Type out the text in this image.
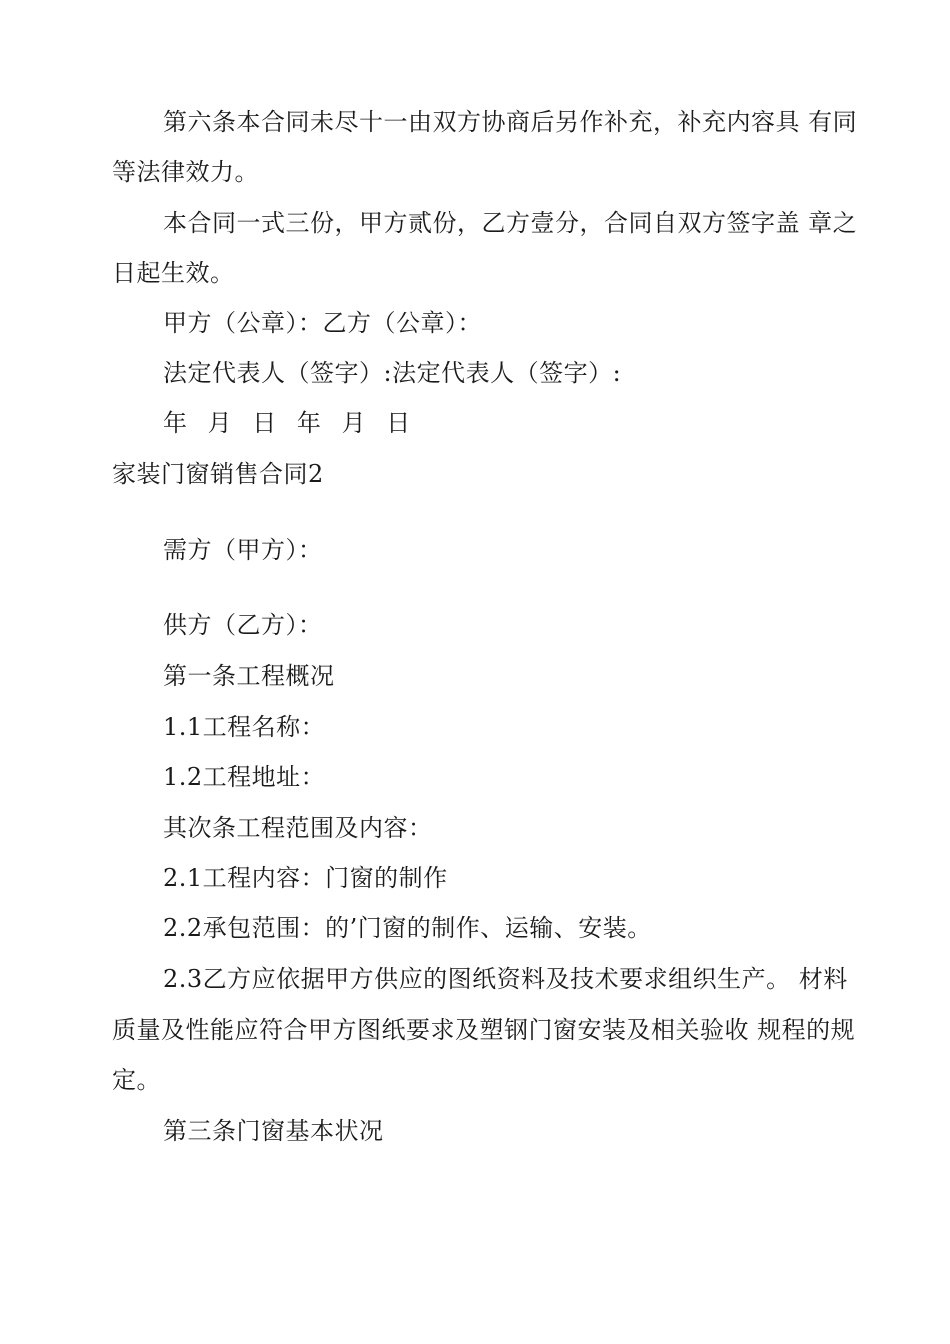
第六条本合同未尽十一由双方协商后另作补充，补充内容具 有同
等法律效力。
本合同一式三份，甲方贰份，乙方壹分，合同自双方签字盖 章之
日起生效。
甲方（公章）：乙方（公章）：
法定代表人（签字）:法定代表人（签字）:
年 月 日 年 月 日
家装门窗销售合同2
需方（甲方）：
供方（乙方）：
第一条工程概况
1.1工程名称：
1.2工程地址：
其次条工程范围及内容：
2.1工程内容：门窗的制作
2.2承包范围：的’门窗的制作、运输、安装。
2.3乙方应依据甲方供应的图纸资料及技术要求组织生产。 材料
质量及性能应符合甲方图纸要求及塑钢门窗安装及相关验收 规程的规
定。
第三条门窗基本状况
